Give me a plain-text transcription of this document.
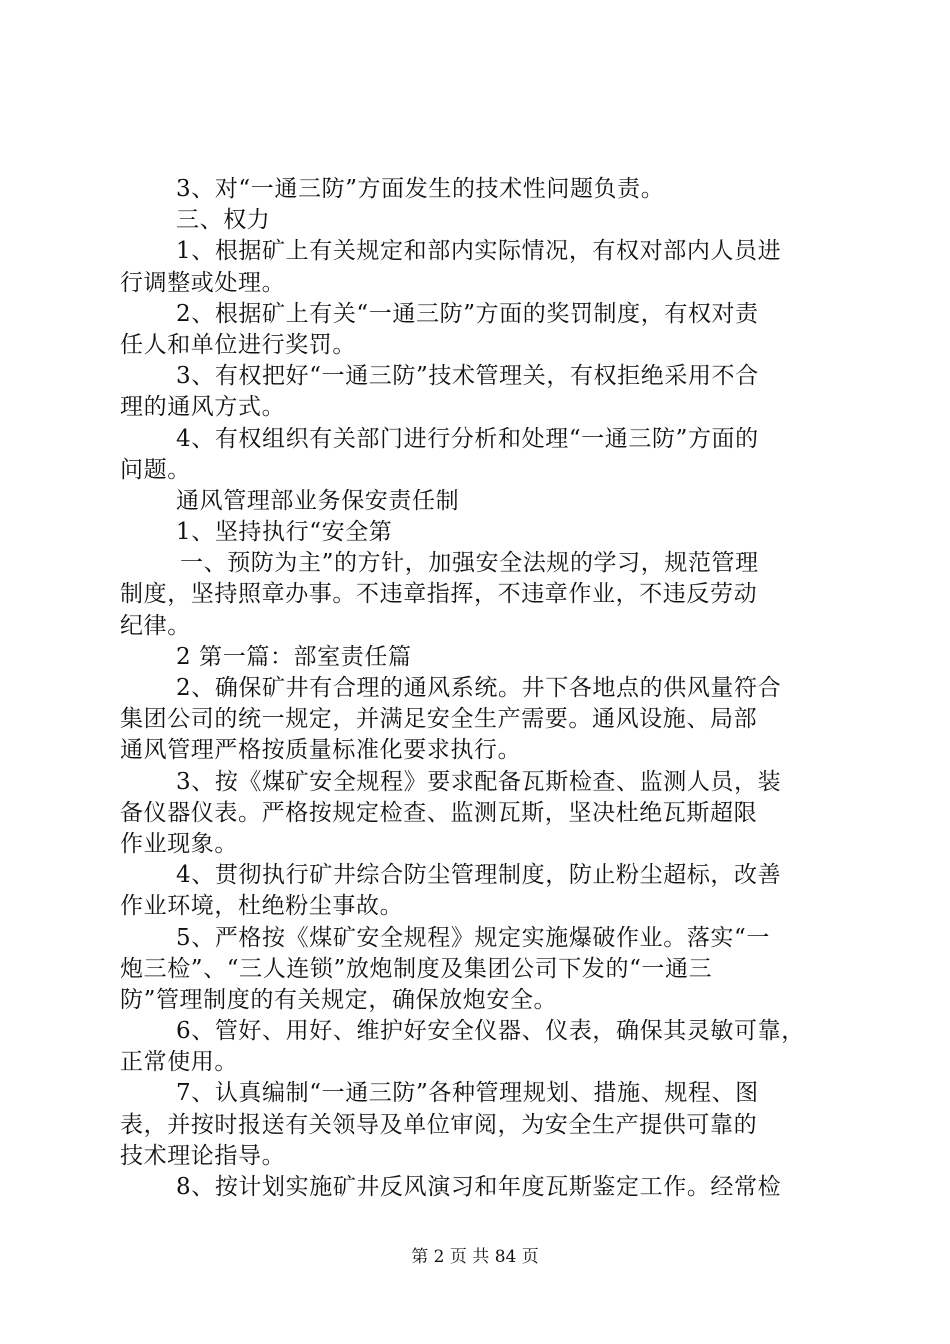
3、对“一通三防”方面发生的技术性问题负责。
三、权力
1、根据矿上有关规定和部内实际情况，有权对部内人员进
行调整或处理。
2、根据矿上有关“一通三防”方面的奖罚制度，有权对责
任人和单位进行奖罚。
3、有权把好“一通三防”技术管理关，有权拒绝采用不合
理的通风方式。
4、有权组织有关部门进行分析和处理“一通三防”方面的
问题。
通风管理部业务保安责任制
1、坚持执行“安全第
一、预防为主”的方针，加强安全法规的学习，规范管理
制度，坚持照章办事。不违章指挥，不违章作业，不违反劳动
纪律。
2 第一篇：部室责任篇
2、确保矿井有合理的通风系统。井下各地点的供风量符合
集团公司的统一规定，并满足安全生产需要。通风设施、局部
通风管理严格按质量标准化要求执行。
3、按《煤矿安全规程》要求配备瓦斯检查、监测人员，装
备仪器仪表。严格按规定检查、监测瓦斯，坚决杜绝瓦斯超限
作业现象。
4、贯彻执行矿井综合防尘管理制度，防止粉尘超标，改善
作业环境，杜绝粉尘事故。
5、严格按《煤矿安全规程》规定实施爆破作业。落实“一
炮三检”、“三人连锁”放炮制度及集团公司下发的“一通三
防”管理制度的有关规定，确保放炮安全。
6、管好、用好、维护好安全仪器、仪表，确保其灵敏可靠，
正常使用。
7、认真编制“一通三防”各种管理规划、措施、规程、图
表，并按时报送有关领导及单位审阅，为安全生产提供可靠的
技术理论指导。
8、按计划实施矿井反风演习和年度瓦斯鉴定工作。经常检
第 2 页 共 84 页
